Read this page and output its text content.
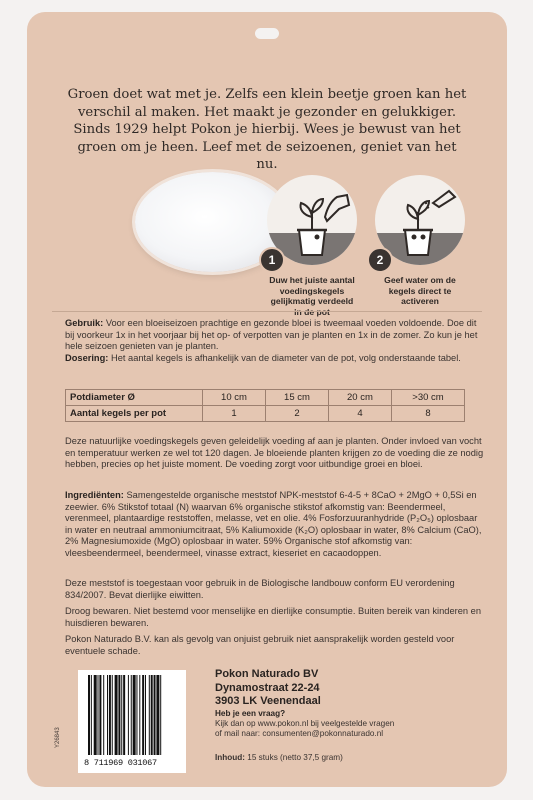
Groen doet wat met je. Zelfs een klein beetje groen kan het verschil al maken. Het maakt je gezonder en gelukkiger. Sinds 1929 helpt Pokon je hierbij. Wees je bewust van het groen om je heen. Leef met de seizoenen, geniet van het nu.

1
Duw het juiste aantal voedingskegels gelijkmatig verdeeld
2
Geef water om de kegels direct te activeren

Gebruik: Voor een bloeiseizoen prachtige en gezonde bloei is tweemaal voeden voldoende. Doe dit bij voorkeur 1x in het voorjaar bij het op- of verpotten van je planten en 1x in de zomer. Zo kun je het hele seizoen genieten van je planten.

Dosering: Het aantal kegels is afhankelijk van de diameter van de pot, volg onderstaande tabel.

Potdiameter Ø	10 cm	15 cm	20 cm	>30 cm
Aantal kegels per pot	1	2	4	8
Deze natuurlijke voedingskegels geven geleidelijk voeding af aan je planten. Onder invloed van vocht en temperatuur werken ze wel tot 120 dagen. Je bloeiende planten krijgen zo de voeding die ze nodig hebben, precies op het juiste moment. De voeding zorgt voor uitbundige groei en bloei.

Ingrediënten: Samengestelde organische meststof NPK-meststof 6-4-5 + 8CaO + 2MgO + 0,5Si en zeewier. 6% Stikstof totaal (N) waarvan 6% organische stikstof afkomstig van: Beendermeel, verenmeel, plantaardige reststoffen, melasse, vet en olie. 4% Fosforzuuranhydride (P₂O₅) oplosbaar in water en neutraal ammoniumcitraat, 5% Kaliumoxide (K₂O) oplosbaar in water, 8% Calcium (CaO), 2% Magnesiumoxide (MgO) oplosbaar in water. 59% Organische stof afkomstig van: vleesbeendermeel, beendermeel, vinasse extract, kieseriet en cacaodoppen.

Deze meststof is toegestaan voor gebruik in de Biologische landbouw conform EU verordening 834/2007. Bevat dierlijke eiwitten.
Droog bewaren. Niet bestemd voor menselijke en dierlijke consumptie. Buiten bereik van kinderen en huisdieren bewaren.
Pokon Naturado B.V. kan als gevolg van onjuist gebruik niet aansprakelijk worden gesteld voor eventuele schade.
8 711969 031067
Y26843
Pokon Naturado BV
Dynamostraat 22-24
3903 LK Veenendaal
Heb je een vraag?
Kijk dan op www.pokon.nl bij veelgestelde vragen
of mail naar: consumenten@pokonnaturado.nl
Inhoud: 15 stuks (netto 37,5 gram)
